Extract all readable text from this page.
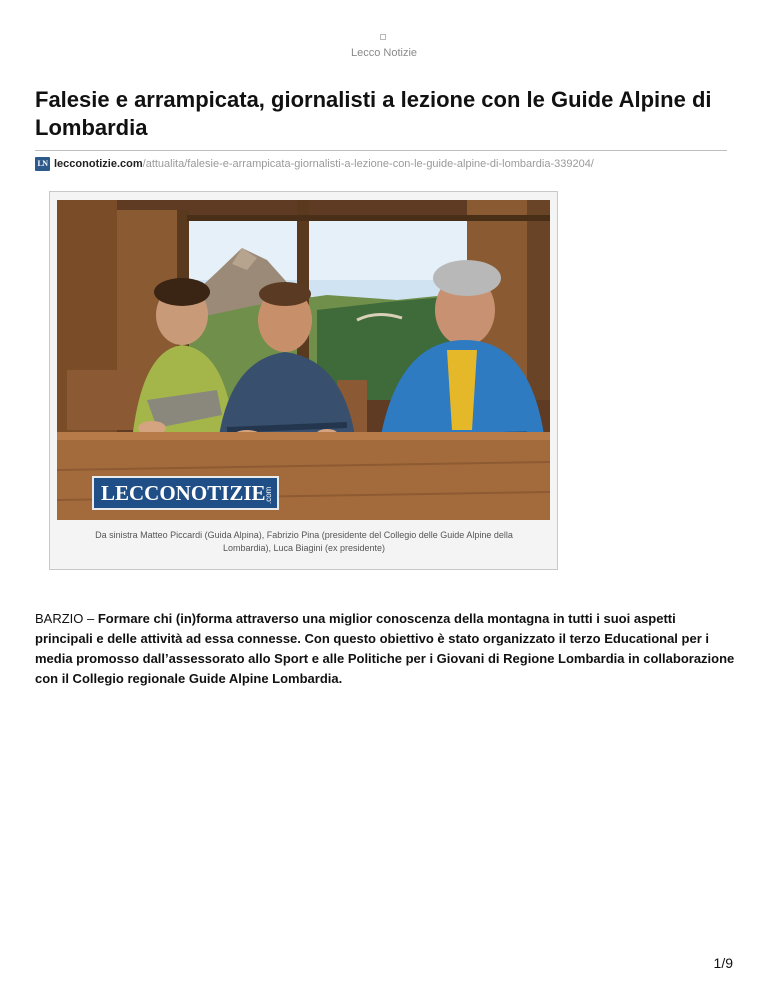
Lecco Notizie
Falesie e arrampicata, giornalisti a lezione con le Guide Alpine di Lombardia
LN lecconotizie.com/attualita/falesie-e-arrampicata-giornalisti-a-lezione-con-le-guide-alpine-di-lombardia-339204/
LECCONOTIZIE
.com
Da sinistra Matteo Piccardi (Guida Alpina), Fabrizio Pina (presidente del Collegio delle Guide Alpine della Lombardia), Luca Biagini (ex presidente)

BARZIO – Formare chi (in)forma attraverso una miglior conoscenza della montagna in tutti i suoi aspetti principali e delle attività ad essa connesse. Con questo obiettivo è stato organizzato il terzo Educational per i media promosso dall’assessorato allo Sport e alle Politiche per i Giovani di Regione Lombardia in collaborazione con il Collegio regionale Guide Alpine Lombardia.

1/9
